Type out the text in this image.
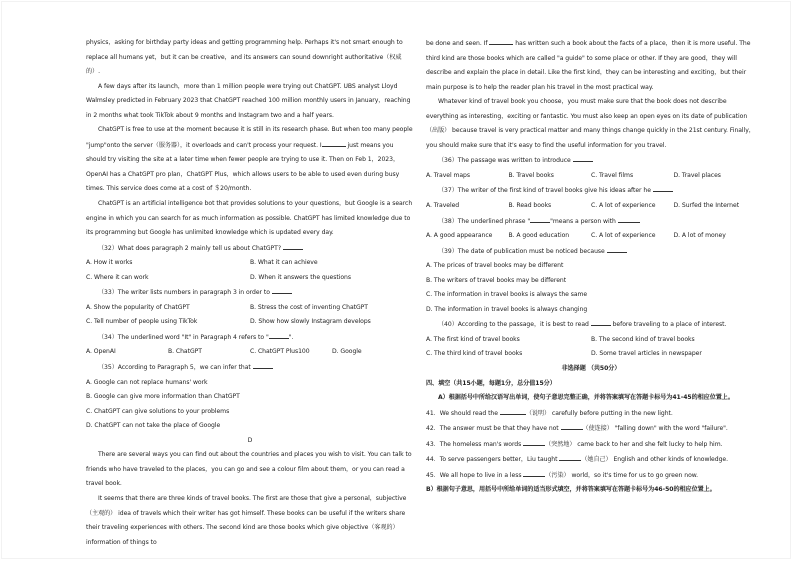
physics，asking for birthday party ideas and getting programming help. Perhaps it's not smart enough to replace all humans yet，but it can be creative，and its answers can sound downright authoritative（权威的）.

A few days after its launch，more than 1 million people were trying out ChatGPT. UBS analyst Lloyd Walmsley predicted in February 2023 that ChatGPT reached 100 million monthly users in January，reaching in 2 months what took TikTok about 9 months and Instagram two and a half years.

ChatGPT is free to use at the moment because it is still in its research phase. But when too many people "jump"onto the server（服务器），it overloads and can't process your request. I	just means you should try visiting the site at a later time when fewer people are trying to use it. Then on Feb 1，2023，OpenAI has a ChatGPT pro plan，ChatGPT Plus，which allows users to be able to used even during busy times. This service does come at a cost of ＄20/month.

ChatGPT is an artificial intelligence bot that provides solutions to your questions，but Google is a search engine in which you can search for as much information as possible. ChatGPT has limited knowledge due to its programming but Google has unlimited knowledge which is updated every day.

（32）What does paragraph 2 mainly tell us about ChatGPT?

A. How it works	B. What it can achieve
C. Where it can work	D. When it answers the questions

（33）The writer lists numbers in paragraph 3 in order to

A. Show the popularity of ChatGPT	B. Stress the cost of inventing ChatGPT
C. Tell number of people using TikTok	D. Show how slowly Instagram develops

（34）The underlined word "It" in Paragraph 4 refers to "	".

A. OpenAI	B. ChatGPT	C. ChatGPT Plus100	D. Google

（35）According to Paragraph 5，we can infer that

A. Google can not replace humans' work

B. Google can give more information than ChatGPT

C. ChatGPT can give solutions to your problems

D. ChatGPT can not take the place of Google

D

There are several ways you can find out about the countries and places you wish to visit. You can talk to friends who have traveled to the places，you can go and see a colour film about them，or you can read a travel book.

It seems that there are three kinds of travel books. The first are those that give a personal，subjective（主观的） idea of travels which their writer has got himself. These books can be useful if the writers share their traveling experiences with others. The second kind are those books which give objective（客观的） information of things to

be done and seen. If	has written such a book about the facts of a place，then it is more useful. The third kind are those books which are called "a guide" to some place or other. If they are good，they will describe and explain the place in detail. Like the first kind，they can be interesting and exciting，but their main purpose is to help the reader plan his travel in the most practical way.

Whatever kind of travel book you choose，you must make sure that the book does not describe everything as interesting，exciting or fantastic. You must also keep an open eyes on its date of publication（出版） because travel is very practical matter and many things change quickly in the 21st century. Finally，you should make sure that it's easy to find the useful information for you travel.

（36）The passage was written to introduce

A. Travel maps	B. Travel books	C. Travel films	D. Travel places

（37）The writer of the first kind of travel books give his ideas after he

A. Traveled	B. Read books	C. A lot of experience	D. Surfed the Internet

（38）The underlined phrase "	"means a person with

A. A good appearance	B. A good education	C. A lot of experience	D. A lot of money

（39）The date of publication must be noticed because

A. The prices of travel books may be different

B. The writers of travel books may be different

C. The information in travel books is always the same

D. The information in travel books is always changing

（40）According to the passage，it is best to read	before traveling to a place of interest.

A. The first kind of travel books	B. The second kind of travel books
C. The third kind of travel books	D. Some travel articles in newspaper

非选择题 （共50分）

四、填空（共15小题，每题1分，总分值15分）

A）根据括号中所给汉语写出单词，使句子意思完整正确，并将答案填写在答题卡标号为41-45的相应位置上。

41．We should read the	（说明） carefully before putting in the new light.

42．The answer must be that they have not	（使连接） "falling down" with the word "failure".

43．The homeless man's words	（突然地） came back to her and she felt lucky to help him.

44．To serve passengers better，Liu taught	（她自己） English and other kinds of knowledge.

45．We all hope to live in a less	（污染） world，so it's time for us to go green now.

B）根据句子意思，用括号中所给单词的适当形式填空，并将答案填写在答题卡标号为46-50的相应位置上。
